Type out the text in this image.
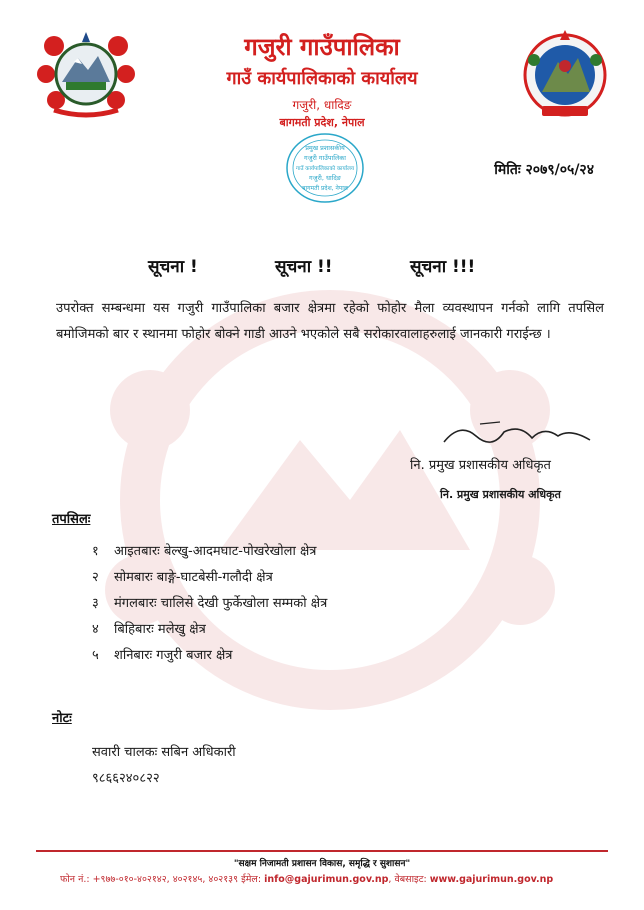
गजुरी गाउँपालिका
गाउँ कार्यपालिकाको कार्यालय
गजुरी, धादिङ
बागमती प्रदेश, नेपाल
प्रमुख प्रशासकीय
गजुरी गाउँपालिका
गाउँ कार्यपालिकाको कार्यालय
गजुरी, धादिङ
बागमती प्रदेश, नेपाल
मितिः २०७९/०५/२४
सूचना !	सूचना !!	सूचना !!!
उपरोक्त सम्बन्धमा यस गजुरी गाउँपालिका बजार क्षेत्रमा रहेको फोहोर मैला व्यवस्थापन गर्नको लागि तपसिल बमोजिमको बार र स्थानमा फोहोर बोक्ने गाडी आउने भएकोले सबै सरोकारवालाहरुलाई जानकारी गराईन्छ ।
नि. प्रमुख प्रशासकीय अधिकृत
नि. प्रमुख प्रशासकीय अधिकृत
तपसिलः
१ आइतबारः बेल्खु-आदमघाट-पोखरेखोला क्षेत्र
२ सोमबारः बाङ्गे-घाटबेसी-गलौदी क्षेत्र
३ मंगलबारः चालिसे देखी फुर्केखोला सम्मको क्षेत्र
४ बिहिबारः मलेखु क्षेत्र
५ शनिबारः गजुरी बजार क्षेत्र
नोटः
सवारी चालकः सबिन अधिकारी
९८६६२४०८२२
"सक्षम निजामती प्रशासन विकास, समृद्धि र सुशासन"
फोन नं.: +९७७-०१०-४०२१४२, ४०२१४५, ४०२१३९ ईमेल: info@gajurimun.gov.np, वेबसाइट: www.gajurimun.gov.np
